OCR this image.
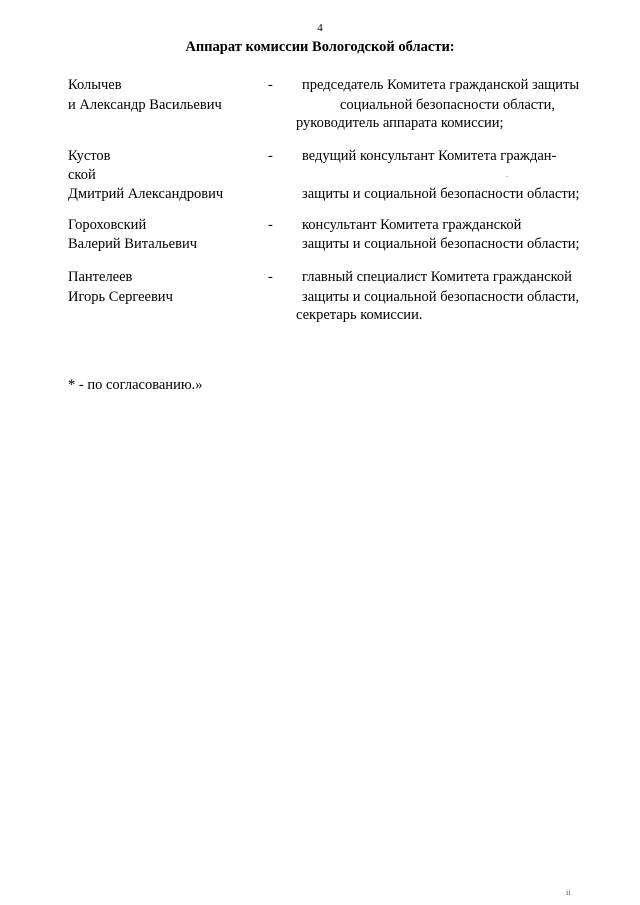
4
Аппарат комиссии Вологодской области:
Колычев
и Александр Васильевич
- председатель Комитета гражданской защиты
социальной безопасности области,
руководитель аппарата комиссии;
Кустов
ской
Дмитрий Александрович
- ведущий консультант Комитета граждан-
.
защиты и социальной безопасности области;
Гороховский
Валерий Витальевич
- консультант Комитета гражданской
защиты и социальной безопасности области;
Пантелеев
Игорь Сергеевич
- главный специалист Комитета гражданской
защиты и социальной безопасности области,
секретарь комиссии.
* - по согласованию.»
ii
